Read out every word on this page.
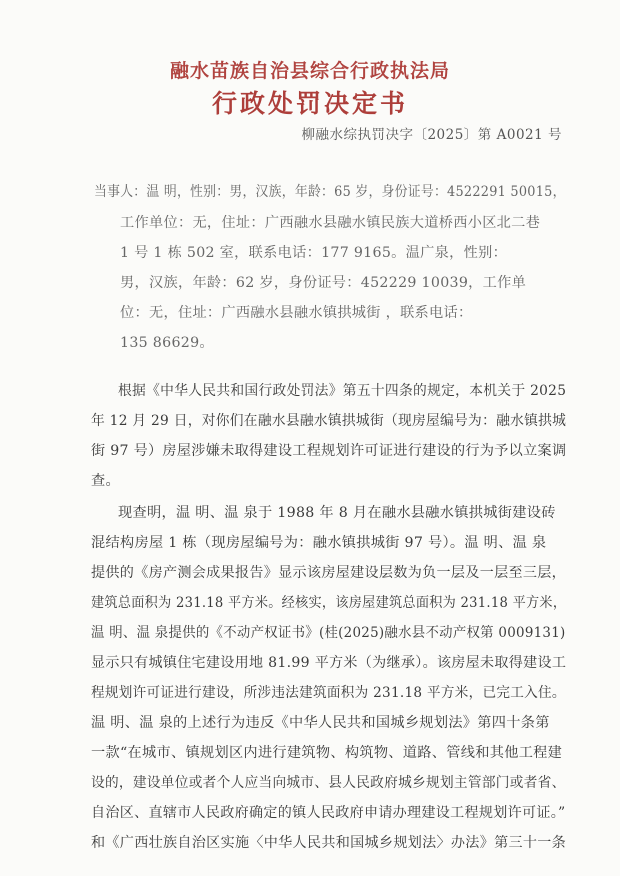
融水苗族自治县综合行政执法局
行政处罚决定书
柳融水综执罚决字〔2025〕第 A0021 号
当事人：温 明，性别：男，汉族，年龄：65 岁，身份证号：4522291 50015，
工作单位：无，住址：广西融水县融水镇民族大道桥西小区北二巷
1 号 1 栋 502 室，联系电话：177 9165。温广泉，性别：
男，汉族，年龄：62 岁，身份证号：452229 10039，工作单
位：无，住址：广西融水县融水镇拱城街 ，联系电话：
135 86629。
根据《中华人民共和国行政处罚法》第五十四条的规定，本机关于 2025
年 12 月 29 日，对你们在融水县融水镇拱城街（现房屋编号为：融水镇拱城
街 97 号）房屋涉嫌未取得建设工程规划许可证进行建设的行为予以立案调
查。
现查明，温 明、温 泉于 1988 年 8 月在融水县融水镇拱城街建设砖
混结构房屋 1 栋（现房屋编号为：融水镇拱城街 97 号）。温 明、温 泉
提供的《房产测会成果报告》显示该房屋建设层数为负一层及一层至三层，
建筑总面积为 231.18 平方米。经核实，该房屋建筑总面积为 231.18 平方米，
温 明、温 泉提供的《不动产权证书》(桂(2025)融水县不动产权第 0009131)
显示只有城镇住宅建设用地 81.99 平方米（为继承）。该房屋未取得建设工
程规划许可证进行建设，所涉违法建筑面积为 231.18 平方米，已完工入住。
温 明、温 泉的上述行为违反《中华人民共和国城乡规划法》第四十条第
一款“在城市、镇规划区内进行建筑物、构筑物、道路、管线和其他工程建
设的，建设单位或者个人应当向城市、县人民政府城乡规划主管部门或者省、
自治区、直辖市人民政府确定的镇人民政府申请办理建设工程规划许可证。”
和《广西壮族自治区实施〈中华人民共和国城乡规划法〉办法》第三十一条
